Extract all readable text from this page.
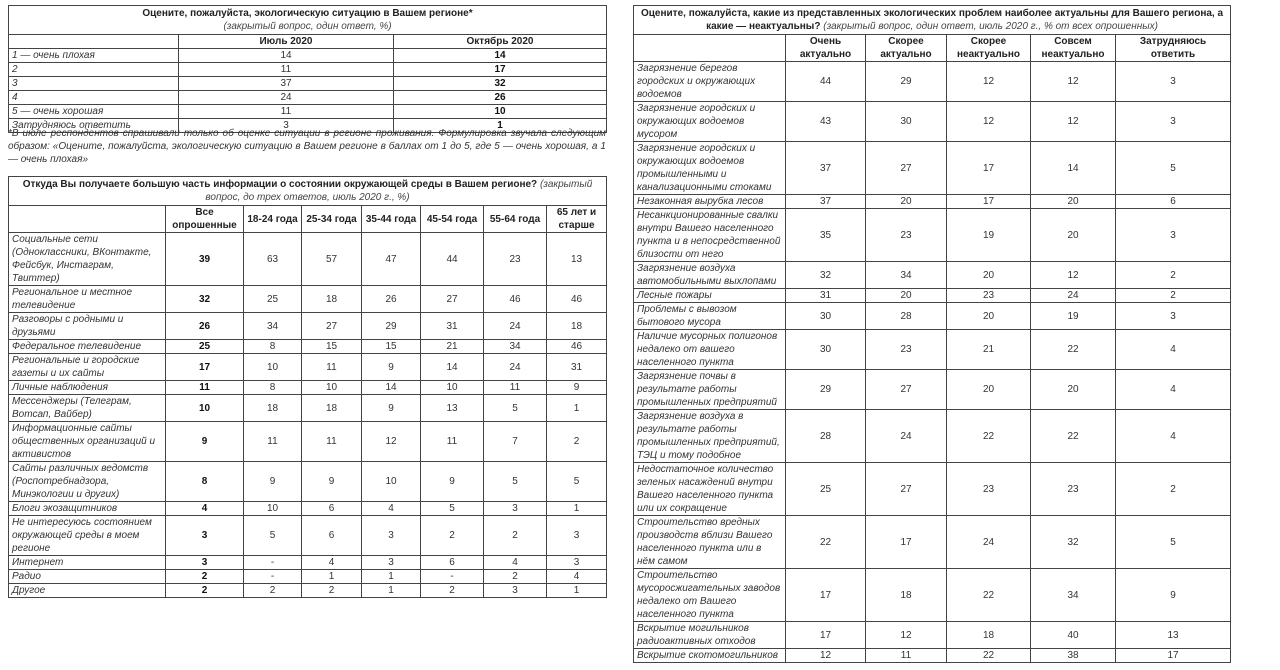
Оцените, пожалуйста, экологическую ситуацию в Вашем регионе*
(закрытый вопрос, один ответ, %)		

	Июль 2020	Октябрь 2020
1 — очень плохая	14	14
2	11	17
3	37	32
4	24	26
5 — очень хорошая	11	10
Затрудняюсь ответить	3	1
*В июле респондентов спрашивали только об оценке ситуации в регионе проживания. Формулировка звучала следующим образом: «Оцените, пожалуйста, экологическую ситуацию в Вашем регионе в баллах от 1 до 5, где 5 — очень хорошая, а 1 — очень плохая»
Откуда Вы получаете большую часть информации о состоянии окружающей среды в Вашем регионе? (закрытый вопрос, до трех ответов, июль 2020 г., %)							
	Все опрошенные	18-24 года	25-34 года	35-44 года	45-54 года	55-64 года	65 лет и старше
Социальные сети (Одноклассники, ВКонтакте, Фейсбук, Инстаграм, Твиттер)	39	63	57	47	44	23	13
Региональное и местное телевидение	32	25	18	26	27	46	46
Разговоры с родными и друзьями	26	34	27	29	31	24	18
Федеральное телевидение	25	8	15	15	21	34	46
Региональные и городские газеты и их сайты	17	10	11	9	14	24	31
Личные наблюдения	11	8	10	14	10	11	9
Мессенджеры (Телеграм, Вотсап, Вайбер)	10	18	18	9	13	5	1
Информационные сайты общественных организаций и активистов	9	11	11	12	11	7	2
Сайты различных ведомств (Роспотребнадзора, Минэкологии и других)	8	9	9	10	9	5	5
Блоги экозащитников	4	10	6	4	5	3	1
Не интересуюсь состоянием окружающей среды в моем регионе	3	5	6	3	2	2	3
Интернет	3	-	4	3	6	4	3
Радио	2	-	1	1	-	2	4
Другое	2	2	2	1	2	3	1
Оцените, пожалуйста, какие из представленных экологических проблем наиболее актуальны для Вашего региона, а какие — неактуальны? (закрытый вопрос, один ответ, июль 2020 г., % от всех опрошенных)					
	Очень актуально	Скорее актуально	Скорее неактуально	Совсем неактуально	Затрудняюсь ответить
Загрязнение берегов городских и окружающих водоемов	44	29	12	12	3
Загрязнение городских и окружающих водоемов мусором	43	30	12	12	3
Загрязнение городских и окружающих водоемов промышленными и канализационными стоками	37	27	17	14	5
Незаконная вырубка лесов	37	20	17	20	6
Несанкционированные свалки внутри Вашего населенного пункта и в непосредственной близости от него	35	23	19	20	3
Загрязнение воздуха автомобильными выхлопами	32	34	20	12	2
Лесные пожары	31	20	23	24	2
Проблемы с вывозом бытового мусора	30	28	20	19	3
Наличие мусорных полигонов недалеко от вашего населенного пункта	30	23	21	22	4
Загрязнение почвы в результате работы промышленных предприятий	29	27	20	20	4
Загрязнение воздуха в результате работы промышленных предприятий, ТЭЦ и тому подобное	28	24	22	22	4
Недостаточное количество зеленых насаждений внутри Вашего населенного пункта или их сокращение	25	27	23	23	2
Строительство вредных производств вблизи Вашего населенного пункта или в нём самом	22	17	24	32	5
Строительство мусоросжигательных заводов недалеко от Вашего населенного пункта	17	18	22	34	9
Вскрытие могильников радиоактивных отходов	17	12	18	40	13
Вскрытие скотомогильников	12	11	22	38	17
